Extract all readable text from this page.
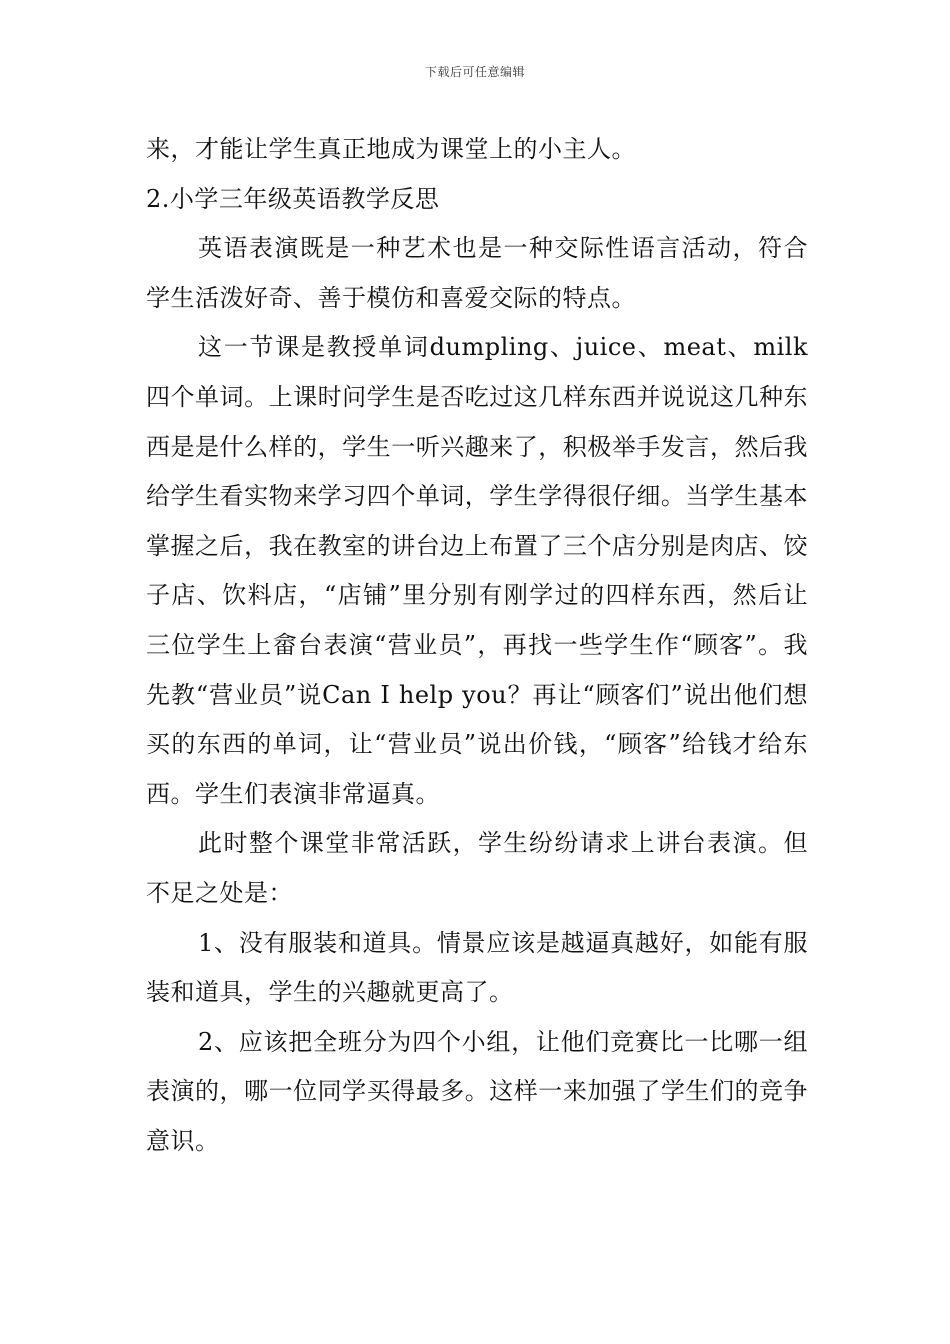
下载后可任意编辑

来，才能让学生真正地成为课堂上的小主人。

2.小学三年级英语教学反思

英语表演既是一种艺术也是一种交际性语言活动，符合学生活泼好奇、善于模仿和喜爱交际的特点。

这一节课是教授单词dumpling、juice、meat、milk四个单词。上课时问学生是否吃过这几样东西并说说这几种东西是是什么样的，学生一听兴趣来了，积极举手发言，然后我给学生看实物来学习四个单词，学生学得很仔细。当学生基本掌握之后，我在教室的讲台边上布置了三个店分别是肉店、饺子店、饮料店，“店铺”里分别有刚学过的四样东西，然后让三位学生上畲台表演“营业员”，再找一些学生作“顾客”。我先教“营业员”说Can I help you？再让“顾客们”说出他们想买的东西的单词，让“营业员”说出价钱，“顾客”给钱才给东西。学生们表演非常逼真。

此时整个课堂非常活跃，学生纷纷请求上讲台表演。但不足之处是：

1、没有服装和道具。情景应该是越逼真越好，如能有服装和道具，学生的兴趣就更高了。

2、应该把全班分为四个小组，让他们竞赛比一比哪一组表演的，哪一位同学买得最多。这样一来加强了学生们的竞争意识。
